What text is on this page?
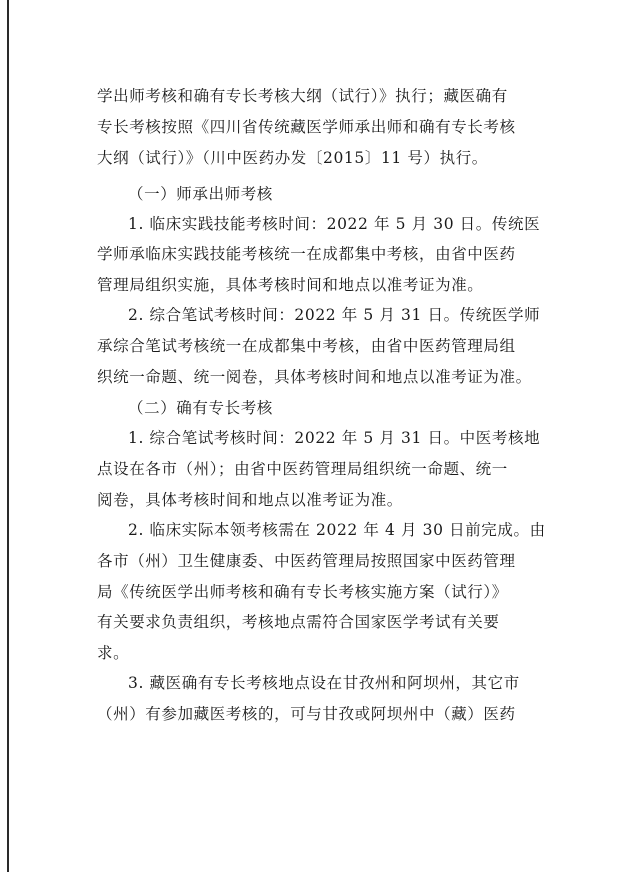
学出师考核和确有专长考核大纲（试行）》执行；藏医确有
专长考核按照《四川省传统藏医学师承出师和确有专长考核
大纲（试行）》（川中医药办发〔2015〕11 号）执行。
（一）师承出师考核
1. 临床实践技能考核时间：2022 年 5 月 30 日。传统医
学师承临床实践技能考核统一在成都集中考核，由省中医药
管理局组织实施，具体考核时间和地点以准考证为准。
2. 综合笔试考核时间：2022 年 5 月 31 日。传统医学师
承综合笔试考核统一在成都集中考核，由省中医药管理局组
织统一命题、统一阅卷，具体考核时间和地点以准考证为准。
（二）确有专长考核
1. 综合笔试考核时间：2022 年 5 月 31 日。中医考核地
点设在各市（州）；由省中医药管理局组织统一命题、统一
阅卷，具体考核时间和地点以准考证为准。
2. 临床实际本领考核需在 2022 年 4 月 30 日前完成。由
各市（州）卫生健康委、中医药管理局按照国家中医药管理
局《传统医学出师考核和确有专长考核实施方案（试行）》
有关要求负责组织，考核地点需符合国家医学考试有关要
求。
3. 藏医确有专长考核地点设在甘孜州和阿坝州，其它市
（州）有参加藏医考核的，可与甘孜或阿坝州中（藏）医药
